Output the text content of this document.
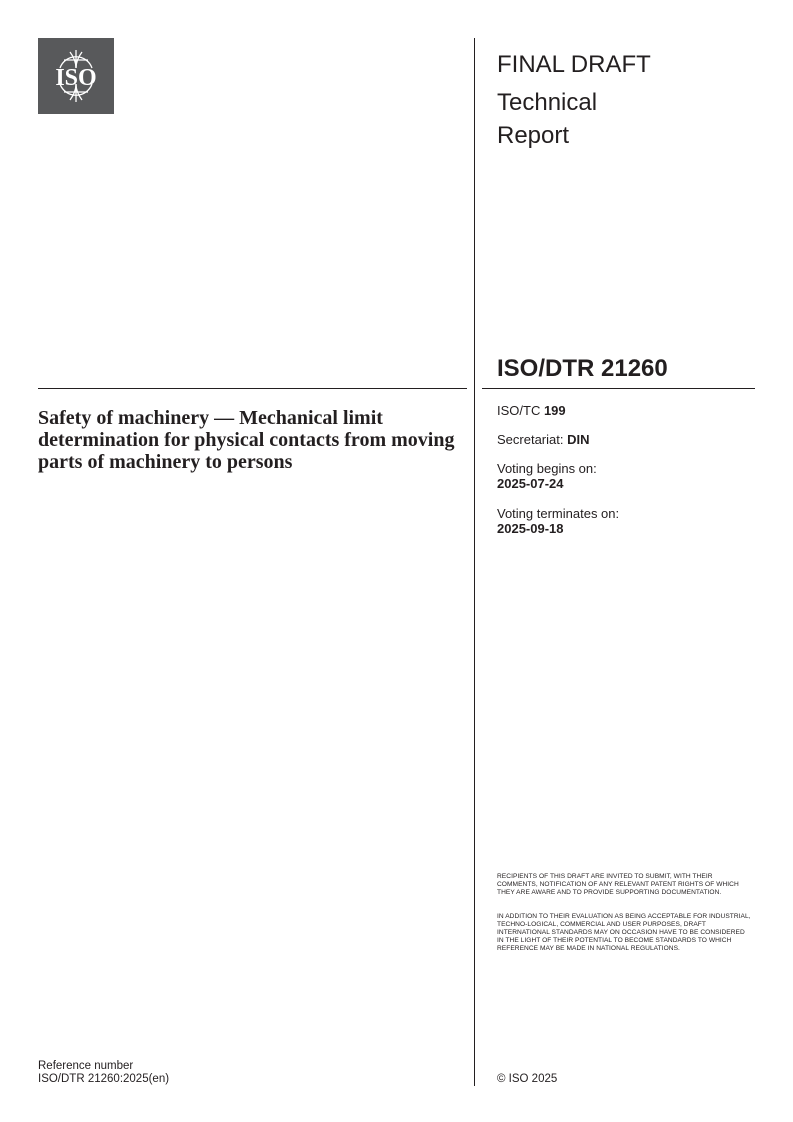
ISO	FINAL DRAFT
Technical
Report
ISO/DTR 21260
Safety of machinery — Mechanical limit determination for physical contacts from moving parts of machinery to persons
ISO/TC 199
Secretariat: DIN
Voting begins on:
2025-07-24
Voting terminates on:
2025-09-18
RECIPIENTS OF THIS DRAFT ARE INVITED TO SUBMIT, WITH THEIR COMMENTS, NOTIFICATION OF ANY RELEVANT PATENT RIGHTS OF WHICH THEY ARE AWARE AND TO PROVIDE SUPPORTING DOCUMENTATION.
IN ADDITION TO THEIR EVALUATION AS BEING ACCEPTABLE FOR INDUSTRIAL, TECHNO-LOGICAL, COMMERCIAL AND USER PURPOSES, DRAFT INTERNATIONAL STANDARDS MAY ON OCCASION HAVE TO BE CONSIDERED IN THE LIGHT OF THEIR POTENTIAL TO BECOME STANDARDS TO WHICH REFERENCE MAY BE MADE IN NATIONAL REGULATIONS.
Reference number
ISO/DTR 21260:2025(en)	© ISO 2025
